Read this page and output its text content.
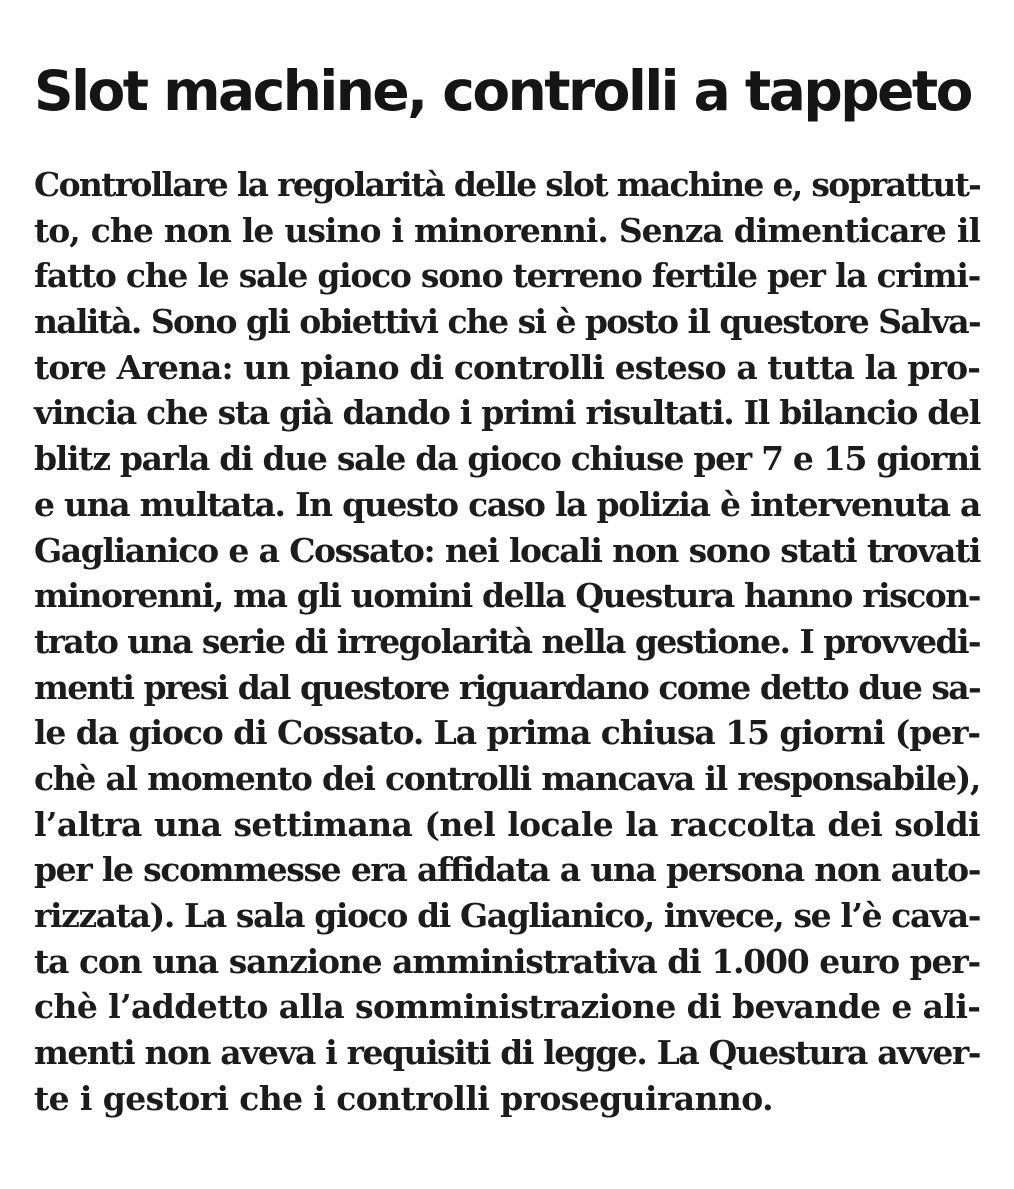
Slot machine, controlli a tappeto
Controllare la regolarità delle slot machine e, soprattut-
to, che non le usino i minorenni. Senza dimenticare il
fatto che le sale gioco sono terreno fertile per la crimi-
nalità. Sono gli obiettivi che si è posto il questore Salva-
tore Arena: un piano di controlli esteso a tutta la pro-
vincia che sta già dando i primi risultati. Il bilancio del
blitz parla di due sale da gioco chiuse per 7 e 15 giorni
e una multata. In questo caso la polizia è intervenuta a
Gaglianico e a Cossato: nei locali non sono stati trovati
minorenni, ma gli uomini della Questura hanno riscon-
trato una serie di irregolarità nella gestione. I provvedi-
menti presi dal questore riguardano come detto due sa-
le da gioco di Cossato. La prima chiusa 15 giorni (per-
chè al momento dei controlli mancava il responsabile),
l’altra una settimana (nel locale la raccolta dei soldi
per le scommesse era affidata a una persona non auto-
rizzata). La sala gioco di Gaglianico, invece, se l’è cava-
ta con una sanzione amministrativa di 1.000 euro per-
chè l’addetto alla somministrazione di bevande e ali-
menti non aveva i requisiti di legge. La Questura avver-
te i gestori che i controlli proseguiranno.
